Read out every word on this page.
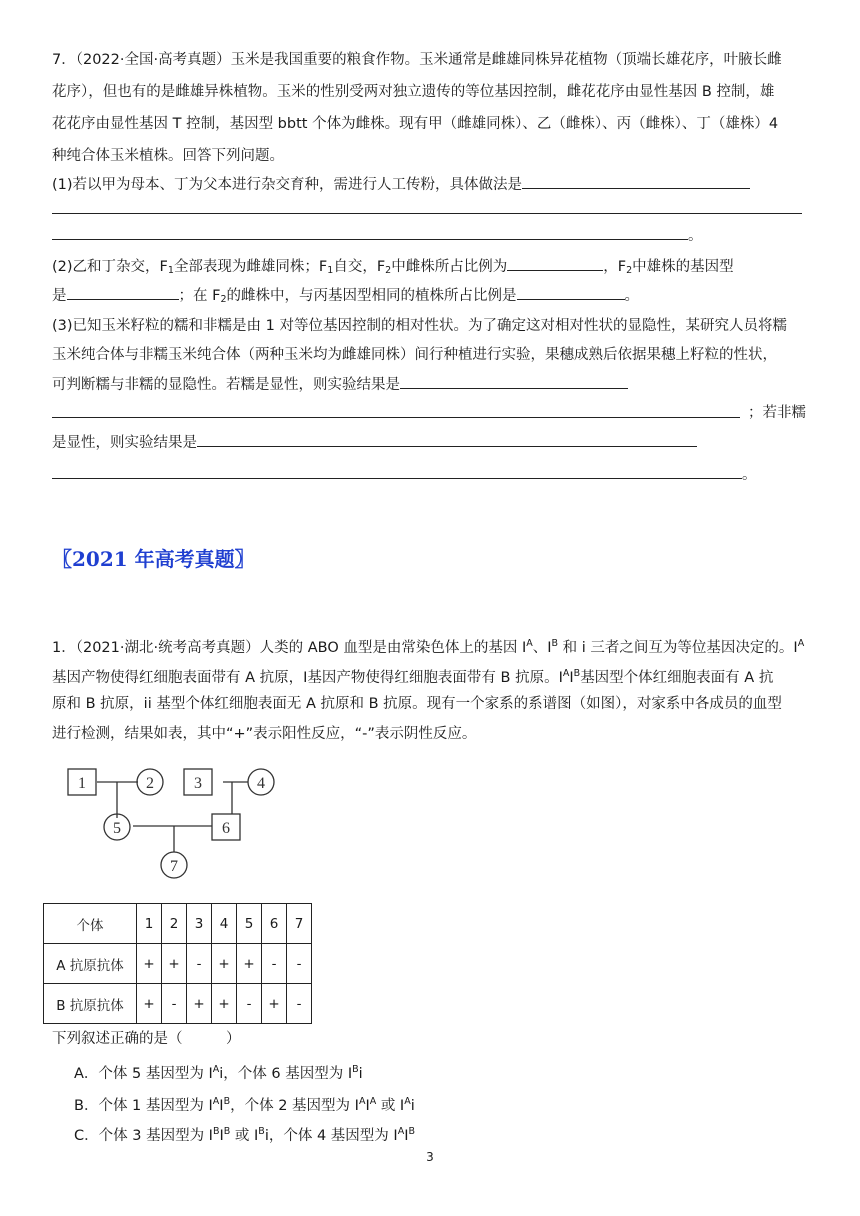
7．（2022·全国·高考真题）玉米是我国重要的粮食作物。玉米通常是雌雄同株异花植物（顶端长雄花序，叶腋长雌
花序），但也有的是雌雄异株植物。玉米的性别受两对独立遗传的等位基因控制，雌花花序由显性基因 B 控制，雄
花花序由显性基因 T 控制，基因型 bbtt 个体为雌株。现有甲（雌雄同株）、乙（雌株）、丙（雌株）、丁（雄株）4
种纯合体玉米植株。回答下列问题。
(1)若以甲为母本、丁为父本进行杂交育种，需进行人工传粉，具体做法是
。
(2)乙和丁杂交，$F_1$全部表现为雌雄同株；$F_1$自交，$F_2$中雌株所占比例为	，$F_2$中雄株的基因型
是	；在 $F_2$的雌株中，与丙基因型相同的植株所占比例是	。
(3)已知玉米籽粒的糯和非糯是由 1 对等位基因控制的相对性状。为了确定这对相对性状的显隐性，某研究人员将糯
玉米纯合体与非糯玉米纯合体（两种玉米均为雌雄同株）间行种植进行实验，果穗成熟后依据果穗上籽粒的性状，
可判断糯与非糯的显隐性。若糯是显性，则实验结果是
；若非糯
是显性，则实验结果是
。
〖2021 年高考真题〗
1．（2021·湖北·统考高考真题）人类的 ABO 血型是由常染色体上的基因 $I^A$、$I^B$ 和 i 三者之间互为等位基因决定的。$I^A$
基因产物使得红细胞表面带有 A 抗原，I基因产物使得红细胞表面带有 B 抗原。$I^AI^B$基因型个体红细胞表面有 A 抗
原和 B 抗原，ii 基型个体红细胞表面无 A 抗原和 B 抗原。现有一个家系的系谱图（如图），对家系中各成员的血型
进行检测，结果如表，其中“+”表示阳性反应，“-”表示阴性反应。
1	2	3	4
5	6
7
个体	1	2	3	4	5	6	7
A 抗原抗体	+	+	-	+	+	-	-
B 抗原抗体	+	-	+	+	-	+	-
下列叙述正确的是（　　　）
A．个体 5 基因型为 $I^Ai$，个体 6 基因型为 $I^Bi$
B．个体 1 基因型为 $I^AI^B$，个体 2 基因型为 $I^AI^A$ 或 $I^Ai$
C．个体 3 基因型为 $I^BI^B$ 或 $I^Bi$，个体 4 基因型为 $I^AI^B$
3
